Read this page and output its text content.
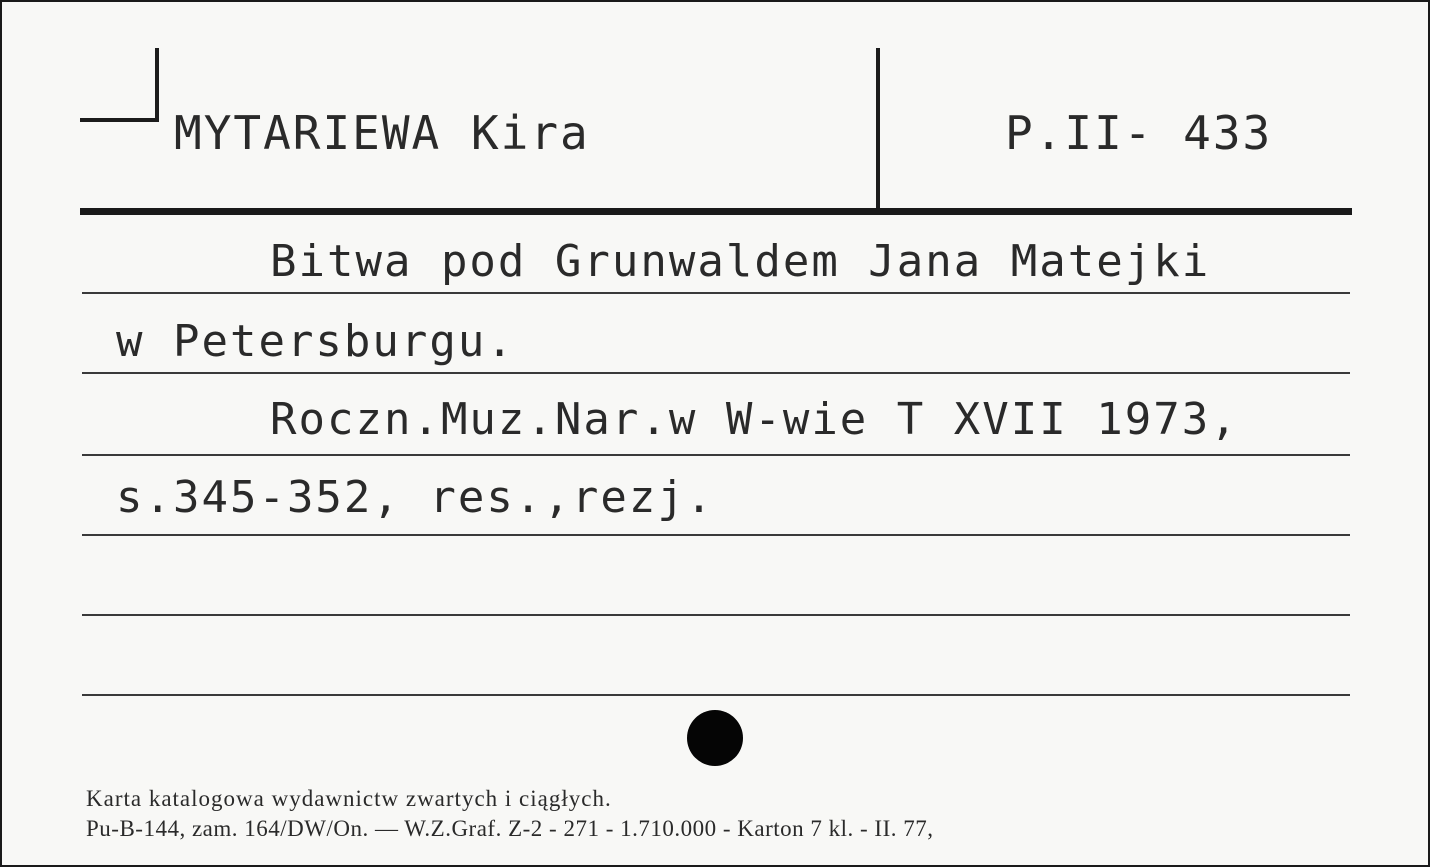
MYTARIEWA Kira	P.II- 433
Bitwa pod Grunwaldem Jana Matejki
w Petersburgu.
Roczn.Muz.Nar.w W-wie T XVII 1973,
s.345-352, res.,rezj.
Karta katalogowa wydawnictw zwartych i ciągłych.
Pu-B-144, zam. 164/DW/On. — W.Z.Graf. Z-2 - 271 - 1.710.000 - Karton 7 kl. - II. 77,
